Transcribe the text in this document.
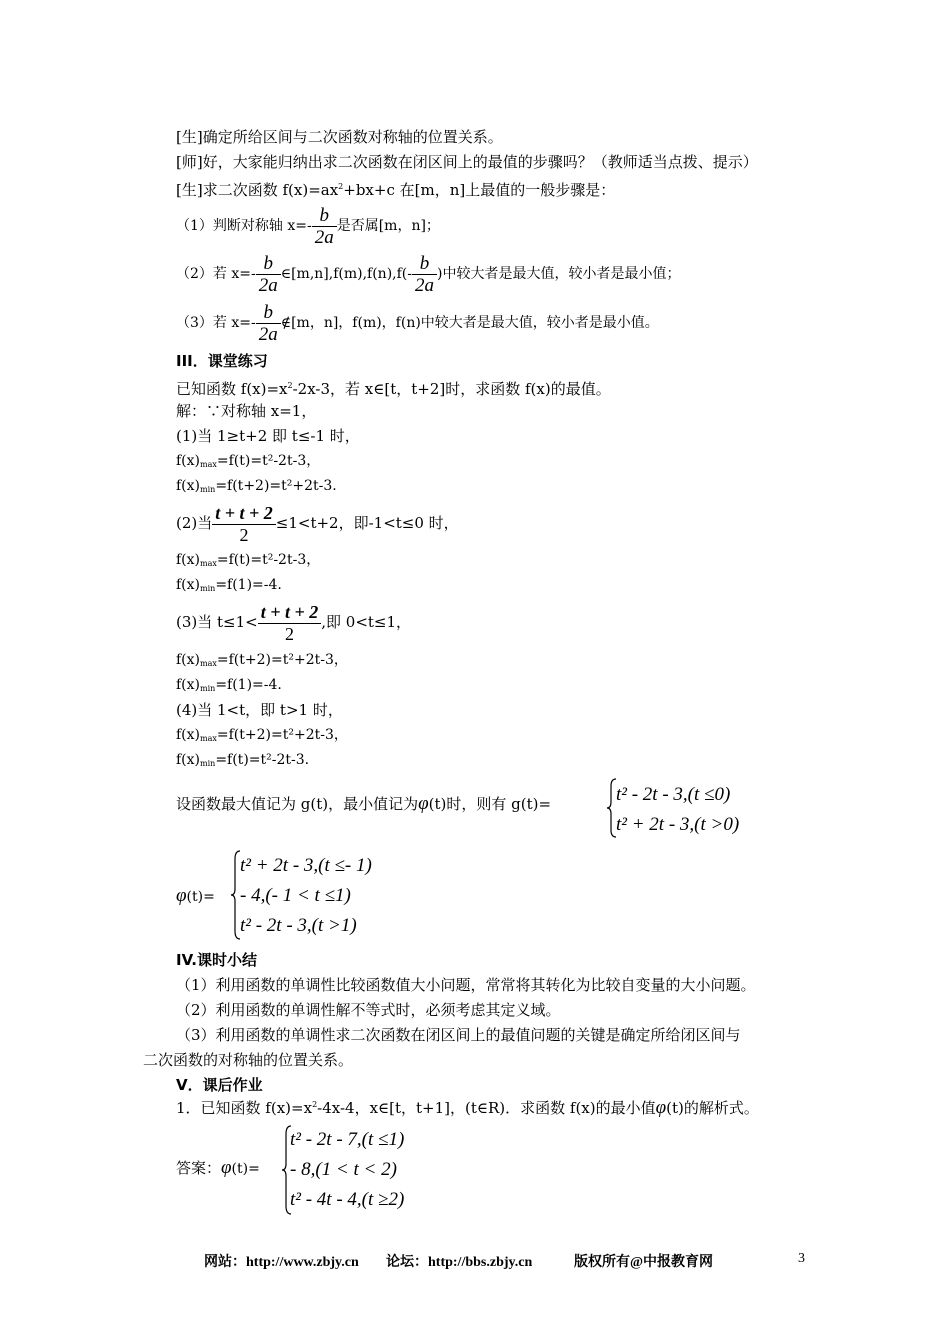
[生]确定所给区间与二次函数对称轴的位置关系。
[师]好，大家能归纳出求二次函数在闭区间上的最值的步骤吗？（教师适当点拨、提示）
[生]求二次函数 $f(x)=ax^2+bx+c$ 在[m，n]上最值的一般步骤是：
（1）判断对称轴 $x=- \frac{b}{2a}$ 是否属[m，n]；
（2）若 $x=- \frac{b}{2a}$ ∈[m,n],f(m),f(n),f(- $\frac{b}{2a}$ )中较大者是最大值，较小者是最小值；
（3）若 $x=- \frac{b}{2a}$ ∉[m，n]，f(m)，f(n)中较大者是最大值，较小者是最小值。
III．课堂练习
已知函数 $f(x)=x^2-2x-3$，若 x∈[t，t+2]时，求函数 f(x)的最值。
解：∵对称轴 x=1，
(1)当 1≥t+2 即 t≤-1 时，
$f(x)_{max}=f(t)=t^2-2t-3$，
$f(x)_{min}=f(t+2)=t^2+2t-3$.
(2)当 $\frac{t + t + 2}{2} \le 1<t+2$，即-1<t≤0 时，
$f(x)_{max}=f(t)=t^2-2t-3$，
$f(x)_{min}=f(1)=-4$.
(3)当 $t\le 1< \frac{t + t + 2}{2}$ ,即 0<t≤1，
$f(x)_{max}=f(t+2)=t^2+2t-3$，
$f(x)_{min}=f(1)=-4$.
(4)当 1<t，即 t>1 时，
$f(x)_{max}=f(t+2)=t^2+2t-3$，
$f(x)_{min}=f(t)=t^2-2t-3$.
设函数最大值记为 g(t)，最小值记为φ(t)时，则有 g(t)=	t² - 2t - 3,(t ≤0)
t² + 2t - 3,(t >0)
φ(t)=
t² + 2t - 3,(t ≤- 1)
- 4,(- 1 < t ≤1)
t² - 2t - 3,(t >1)
IV.课时小结
（1）利用函数的单调性比较函数值大小问题，常常将其转化为比较自变量的大小问题。
（2）利用函数的单调性解不等式时，必须考虑其定义域。
（3）利用函数的单调性求二次函数在闭区间上的最值问题的关键是确定所给闭区间与
二次函数的对称轴的位置关系。
V．课后作业
1．已知函数 $f(x)=x^2-4x-4$，x∈[t，t+1]，(t∈R)．求函数 f(x)的最小值φ(t)的解析式。
答案：φ(t)=
t² - 2t - 7,(t ≤1)
- 8,(1 < t < 2)
t² - 4t - 4,(t ≥2)
网站：http://www.zbjy.cn 论坛：http://bbs.zbjy.cn	版权所有@中报教育网	3
